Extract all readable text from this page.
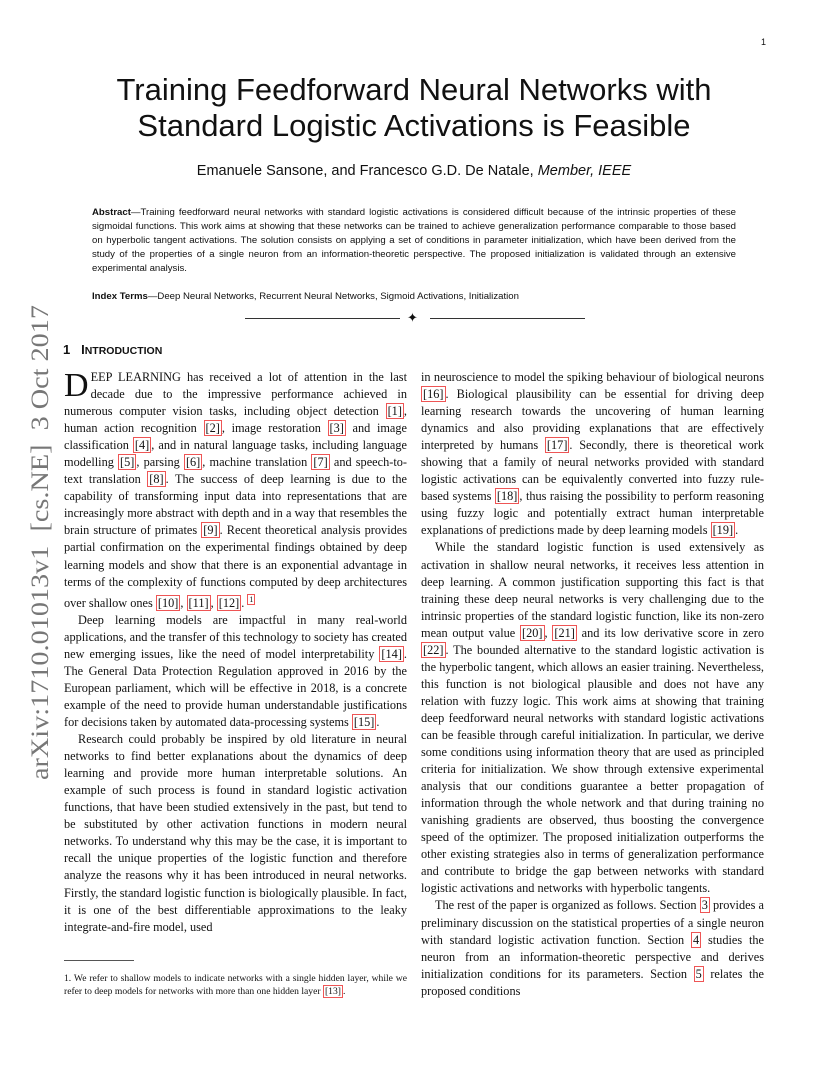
1
arXiv:1710.01013v1  [cs.NE]  3 Oct 2017
Training Feedforward Neural Networks with
Standard Logistic Activations is Feasible
Emanuele Sansone, and Francesco G.D. De Natale, Member, IEEE
Abstract—Training feedforward neural networks with standard logistic activations is considered difficult because of the intrinsic properties of these sigmoidal functions. This work aims at showing that these networks can be trained to achieve generalization performance comparable to those based on hyperbolic tangent activations. The solution consists on applying a set of conditions in parameter initialization, which have been derived from the study of the properties of a single neuron from an information-theoretic perspective. The proposed initialization is validated through an extensive experimental analysis.
Index Terms—Deep Neural Networks, Recurrent Neural Networks, Sigmoid Activations, Initialization
✦
1 INTRODUCTION

DEEP LEARNING has received a lot of attention in the last decade due to the impressive performance achieved in numerous computer vision tasks, including object detection [1] , human action recognition [2] , image restoration [3] and image classification [4] , and in natural language tasks, including language modelling [5] , parsing [6] , machine translation [7] and speech-to-text translation [8] . The success of deep learning is due to the capability of transforming input data into representations that are increasingly more abstract with depth and in a way that resembles the brain structure of primates [9] . Recent theoretical analysis provides partial confirmation on the experimental findings obtained by deep learning models and show that there is an exponential advantage in terms of the complexity of functions computed by deep architectures over shallow ones [10] , [11] , [12] . $^1$

Deep learning models are impactful in many real-world applications, and the transfer of this technology to society has created new emerging issues, like the need of model interpretability [14] . The General Data Protection Regulation approved in 2016 by the European parliament, which will be effective in 2018, is a concrete example of the need to provide human understandable justifications for decisions taken by automated data-processing systems [15] .

Research could probably be inspired by old literature in neural networks to find better explanations about the dynamics of deep learning and provide more human interpretable solutions. An example of such process is found in standard logistic activation functions, that have been studied extensively in the past, but tend to be substituted by other activation functions in modern neural networks. To understand why this may be the case, it is important to recall the unique properties of the logistic function and therefore analyze the reasons why it has been introduced in neural networks. Firstly, the standard logistic function is biologically plausible. In fact, it is one of the best differentiable approximations to the leaky integrate-and-fire model, used

in neuroscience to model the spiking behaviour of biological neurons [16] . Biological plausibility can be essential for driving deep learning research towards the uncovering of human learning dynamics and also providing explanations that are effectively interpreted by humans [17] . Secondly, there is theoretical work showing that a family of neural networks provided with standard logistic activations can be equivalently converted into fuzzy rule-based systems [18] , thus raising the possibility to perform reasoning using fuzzy logic and potentially extract human interpretable explanations of predictions made by deep learning models [19] .

While the standard logistic function is used extensively as activation in shallow neural networks, it receives less attention in deep learning. A common justification supporting this fact is that training these deep neural networks is very challenging due to the intrinsic properties of the standard logistic function, like its non-zero mean output value [20] , [21] and its low derivative score in zero [22] . The bounded alternative to the standard logistic activation is the hyperbolic tangent, which allows an easier training. Nevertheless, this function is not biological plausible and does not have any relation with fuzzy logic. This work aims at showing that training deep feedforward neural networks with standard logistic activations can be feasible through careful initialization. In particular, we derive some conditions using information theory that are used as principled criteria for initialization. We show through extensive experimental analysis that our conditions guarantee a better propagation of information through the whole network and that during training no vanishing gradients are observed, thus boosting the convergence speed of the optimizer. The proposed initialization outperforms the other existing strategies also in terms of generalization performance and contribute to bridge the gap between networks with standard logistic activations and networks with hyperbolic tangents.

The rest of the paper is organized as follows. Section 3 provides a preliminary discussion on the statistical properties of a single neuron with standard logistic activation function. Section 4 studies the neuron from an information-theoretic perspective and derives initialization conditions for its parameters. Section 5 relates the proposed conditions

1. We refer to shallow models to indicate networks with a single hidden layer, while we refer to deep models for networks with more than one hidden layer [13] .
